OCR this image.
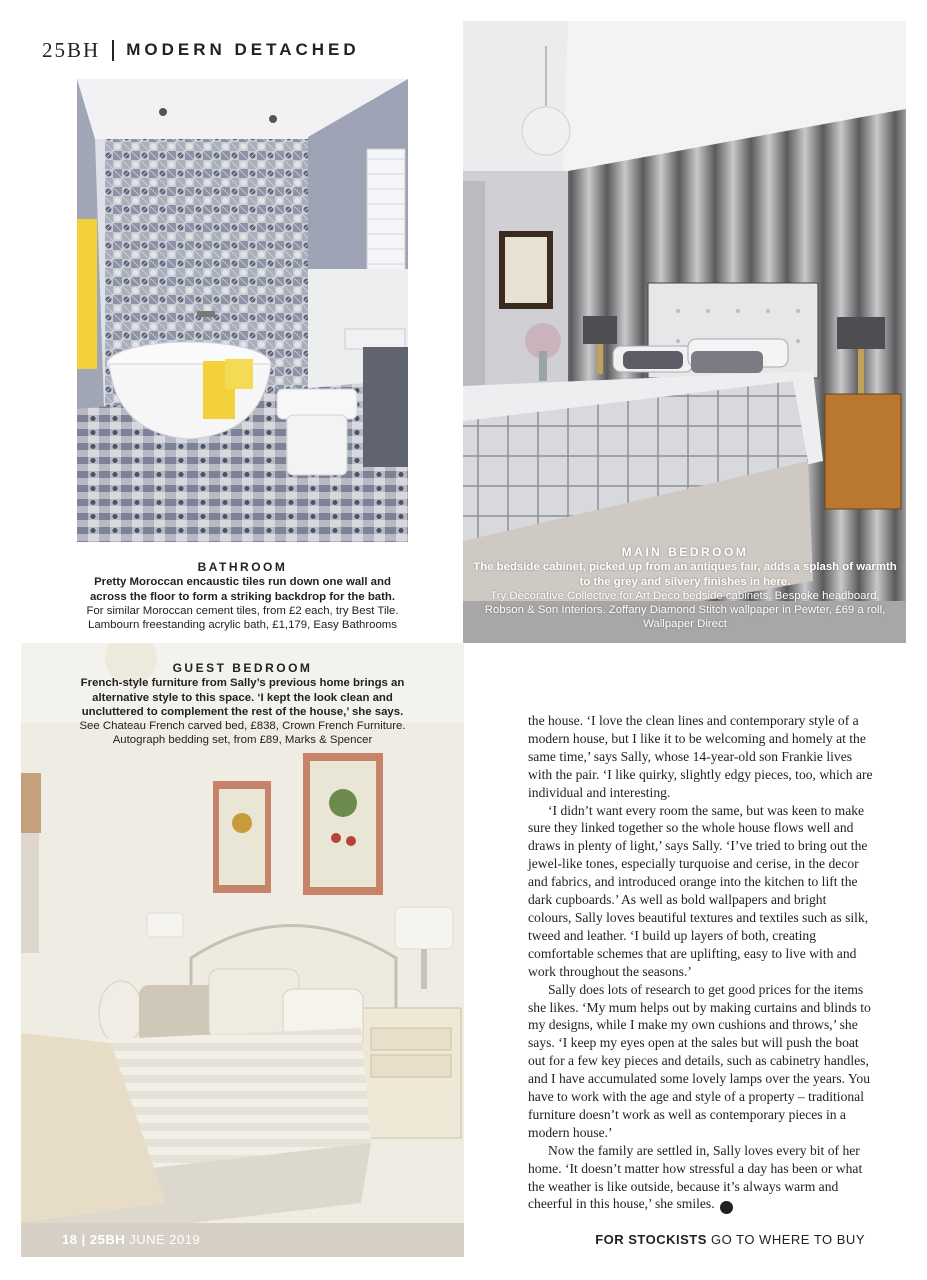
25BH MODERN DETACHED
BATHROOM
Pretty Moroccan encaustic tiles run down one wall and across the floor to form a striking backdrop for the bath.
For similar Moroccan cement tiles, from £2 each, try Best Tile. Lambourn freestanding acrylic bath, £1,179, Easy Bathrooms
MAIN BEDROOM
The bedside cabinet, picked up from an antiques fair, adds a splash of warmth to the grey and silvery finishes in here.
Try Decorative Collective for Art Deco bedside cabinets. Bespoke headboard, Robson & Son Interiors. Zoffany Diamond Stitch wallpaper in Pewter, £69 a roll, Wallpaper Direct
GUEST BEDROOM
French-style furniture from Sally’s previous home brings an alternative style to this space. ‘I kept the look clean and uncluttered to complement the rest of the house,’ she says.
See Chateau French carved bed, £838, Crown French Furniture. Autograph bedding set, from £89, Marks & Spencer

the house. ‘I love the clean lines and contemporary style of a modern house, but I like it to be welcoming and homely at the same time,’ says Sally, whose 14-year-old son Frankie lives with the pair. ‘I like quirky, slightly edgy pieces, too, which are individual and interesting.

‘I didn’t want every room the same, but was keen to make sure they linked together so the whole house flows well and draws in plenty of light,’ says Sally. ‘I’ve tried to bring out the jewel-like tones, especially turquoise and cerise, in the decor and fabrics, and introduced orange into the kitchen to lift the dark cupboards.’ As well as bold wallpapers and bright colours, Sally loves beautiful textures and textiles such as silk, tweed and leather. ‘I build up layers of both, creating comfortable schemes that are uplifting, easy to live with and work throughout the seasons.’

Sally does lots of research to get good prices for the items she likes. ‘My mum helps out by making curtains and blinds to my designs, while I make my own cushions and throws,’ she says. ‘I keep my eyes open at the sales but will push the boat out for a few key pieces and details, such as cabinetry handles, and I have accumulated some lovely lamps over the years. You have to work with the age and style of a property – traditional furniture doesn’t work as well as contemporary pieces in a modern house.’

Now the family are settled in, Sally loves every bit of her home. ‘It doesn’t matter how stressful a day has been or what the weather is like outside, because it’s always warm and cheerful in this house,’ she smiles.	25

18 | 25BH JUNE 2019	FOR STOCKISTS GO TO WHERE TO BUY
